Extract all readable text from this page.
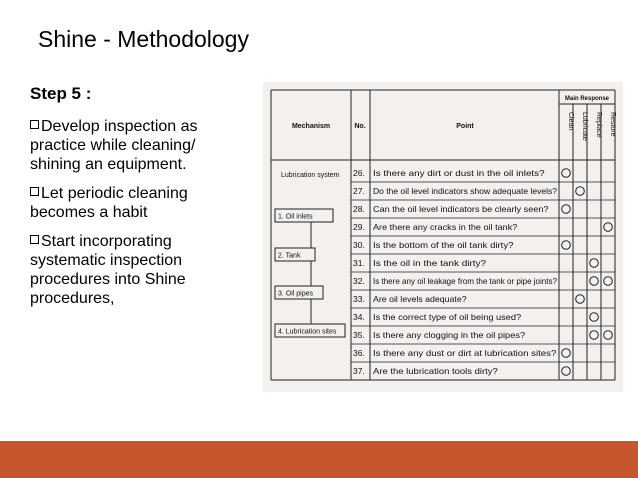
Shine - Methodology
Step 5 :
Develop inspection as practice while cleaning/ shining an equipment.
Let periodic cleaning becomes a habit
Start incorporating systematic inspection procedures into Shine procedures,
Mechanism	No.	Point
Main Response
Clean Lubricate Replace Restore
Lubrication system
1. Oil inlets
2. Tank
3. Oil pipes
4. Lubrication sites
26. Is there any dirt or dust in the oil inlets?
27. Do the oil level indicators show adequate levels?
28. Can the oil level indicators be clearly seen?
29. Are there any cracks in the oil tank?
30. Is the bottom of the oil tank dirty?
31. Is the oil in the tank dirty?
32. Is there any oil leakage from the tank or pipe joints?
33. Are oil levels adequate?
34. Is the correct type of oil being used?
35. Is there any clogging in the oil pipes?
36. Is there any dust or dirt at lubrication sites?
37. Are the lubrication tools dirty?
